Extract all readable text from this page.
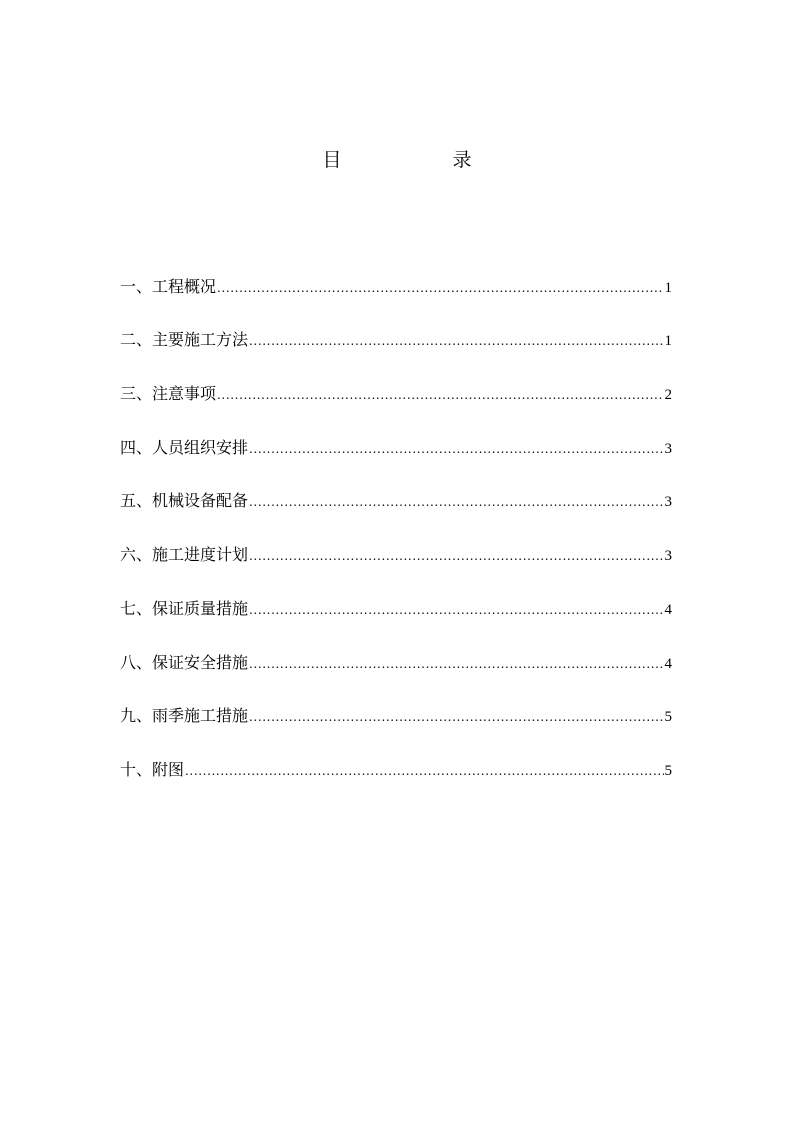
目　录
一、工程概况 .....	1
二、主要施工方法 .....	1
三、注意事项 .....	2
四、人员组织安排 .....	3
五、机械设备配备 .....	3
六、施工进度计划 .....	3
七、保证质量措施 .....	4
八、保证安全措施 .....	4
九、雨季施工措施 .....	5
十、附图 .....	5
